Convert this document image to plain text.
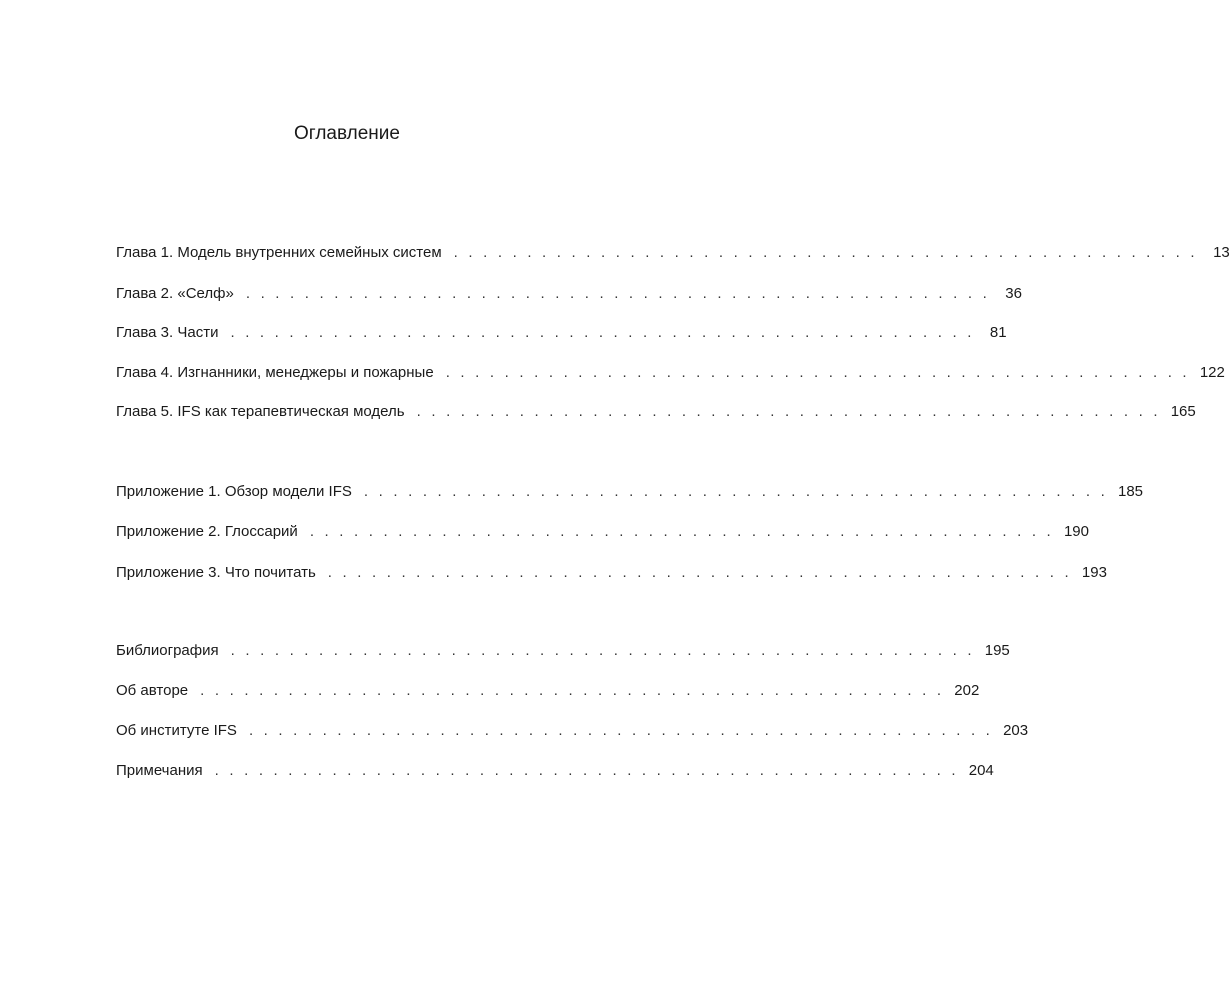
Оглавление
Глава 1. Модель внутренних семейных систем . . . . . . . . . . . . . . . . . . . . . . . . . . . . . . . . . . . . . . . . . . . . . . . . . . .	13
Глава 2. «Селф» . . . . . . . . . . . . . . . . . . . . . . . . . . . . . . . . . . . . . . . . . . . . . . . . . . .	36
Глава 3. Части . . . . . . . . . . . . . . . . . . . . . . . . . . . . . . . . . . . . . . . . . . . . . . . . . . .	81
Глава 4. Изгнанники, менеджеры и пожарные . . . . . . . . . . . . . . . . . . . . . . . . . . . . . . . . . . . . . . . . . . . . . . . . . . . 122
Глава 5. IFS как терапевтическая модель . . . . . . . . . . . . . . . . . . . . . . . . . . . . . . . . . . . . . . . . . . . . . . . . . . . 165
Приложение 1. Обзор модели IFS . . . . . . . . . . . . . . . . . . . . . . . . . . . . . . . . . . . . . . . . . . . . . . . . . . . 185
Приложение 2. Глоссарий . . . . . . . . . . . . . . . . . . . . . . . . . . . . . . . . . . . . . . . . . . . . . . . . . . . 190
Приложение 3. Что почитать . . . . . . . . . . . . . . . . . . . . . . . . . . . . . . . . . . . . . . . . . . . . . . . . . . . 193
Библиография . . . . . . . . . . . . . . . . . . . . . . . . . . . . . . . . . . . . . . . . . . . . . . . . . . . 195
Об авторе . . . . . . . . . . . . . . . . . . . . . . . . . . . . . . . . . . . . . . . . . . . . . . . . . . . 202
Об институте IFS . . . . . . . . . . . . . . . . . . . . . . . . . . . . . . . . . . . . . . . . . . . . . . . . . . . 203
Примечания . . . . . . . . . . . . . . . . . . . . . . . . . . . . . . . . . . . . . . . . . . . . . . . . . . . 204
